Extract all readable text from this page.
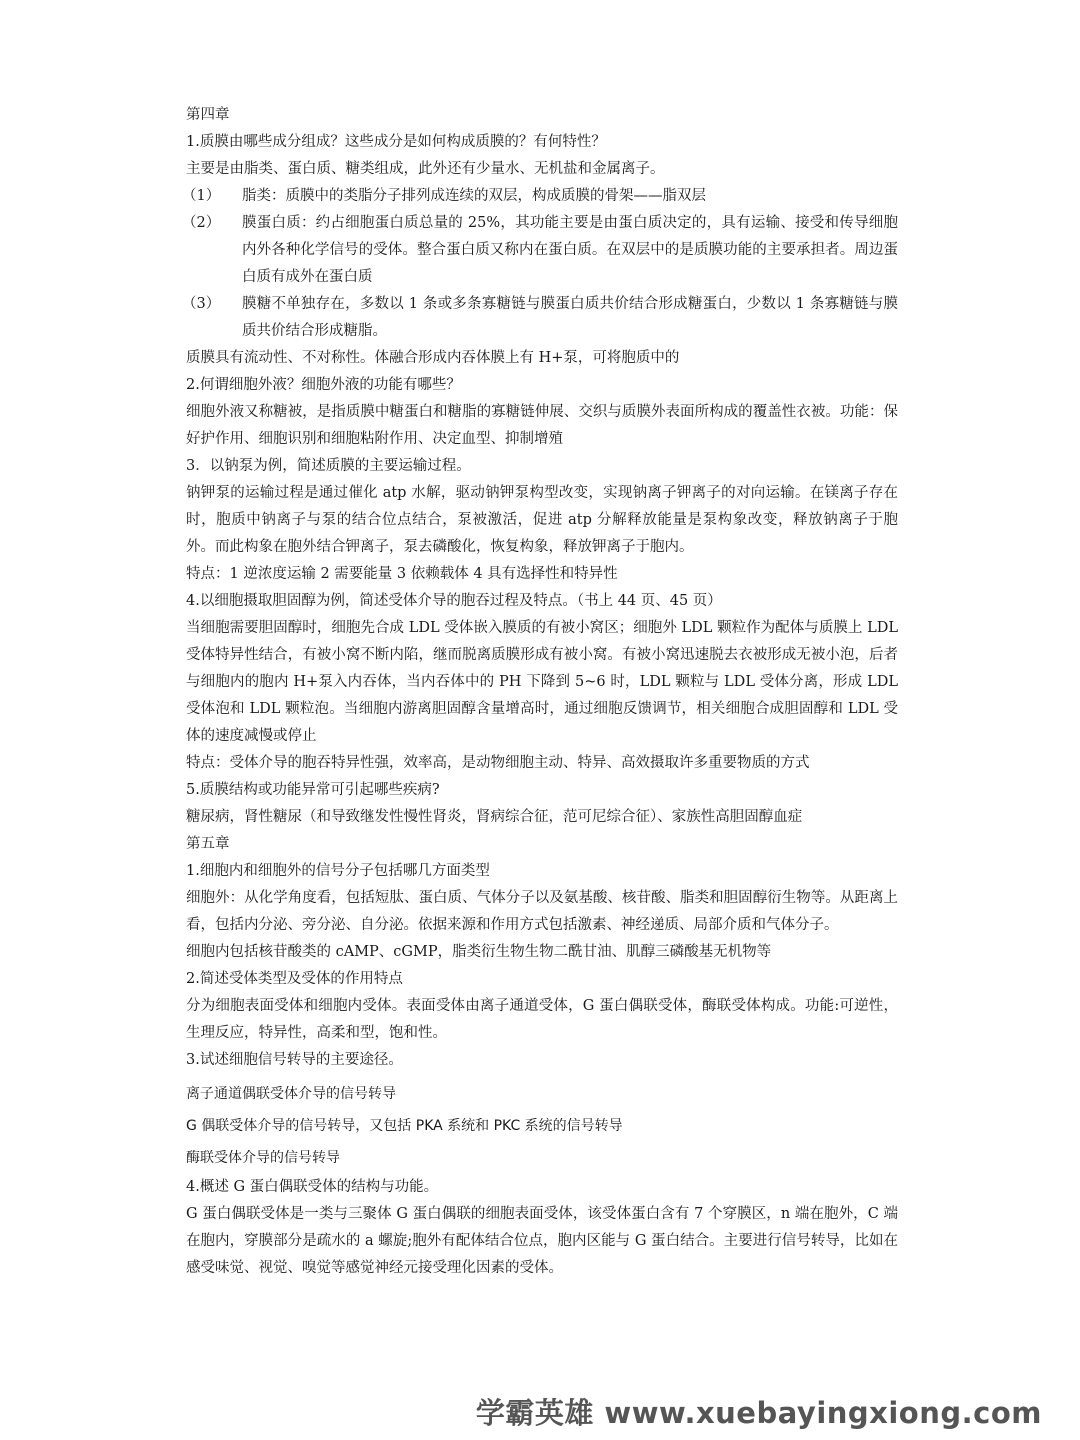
第四章

1.质膜由哪些成分组成？这些成分是如何构成质膜的？有何特性？

主要是由脂类、蛋白质、糖类组成，此外还有少量水、无机盐和金属离子。

（1）	脂类：质膜中的类脂分子排列成连续的双层，构成质膜的骨架——脂双层
（2）	膜蛋白质：约占细胞蛋白质总量的 25%，其功能主要是由蛋白质决定的，具有运输、接受和传导细胞内外各种化学信号的受体。整合蛋白质又称内在蛋白质。在双层中的是质膜功能的主要承担者。周边蛋白质有成外在蛋白质
（3）	膜糖不单独存在，多数以 1 条或多条寡糖链与膜蛋白质共价结合形成糖蛋白，少数以 1 条寡糖链与膜质共价结合形成糖脂。

质膜具有流动性、不对称性。体融合形成内吞体膜上有 H+泵，可将胞质中的

2.何谓细胞外液？细胞外液的功能有哪些？

细胞外液又称糖被，是指质膜中糖蛋白和糖脂的寡糖链伸展、交织与质膜外表面所构成的覆盖性衣被。功能：保好护作用、细胞识别和细胞粘附作用、决定血型、抑制增殖

3．以钠泵为例，简述质膜的主要运输过程。

钠钾泵的运输过程是通过催化 atp 水解，驱动钠钾泵构型改变，实现钠离子钾离子的对向运输。在镁离子存在时，胞质中钠离子与泵的结合位点结合，泵被激活，促进 atp 分解释放能量是泵构象改变，释放钠离子于胞外。而此构象在胞外结合钾离子，泵去磷酸化，恢复构象，释放钾离子于胞内。

特点：1 逆浓度运输 2 需要能量 3 依赖载体 4 具有选择性和特异性

4.以细胞摄取胆固醇为例，简述受体介导的胞吞过程及特点。（书上 44 页、45 页）

当细胞需要胆固醇时，细胞先合成 LDL 受体嵌入膜质的有被小窝区；细胞外 LDL 颗粒作为配体与质膜上 LDL 受体特异性结合，有被小窝不断内陷，继而脱离质膜形成有被小窝。有被小窝迅速脱去衣被形成无被小泡，后者与细胞内的胞内 H+泵入内吞体，当内吞体中的 PH 下降到 5~6 时，LDL 颗粒与 LDL 受体分离，形成 LDL 受体泡和 LDL 颗粒泡。当细胞内游离胆固醇含量增高时，通过细胞反馈调节，相关细胞合成胆固醇和 LDL 受体的速度减慢或停止

特点：受体介导的胞吞特异性强，效率高，是动物细胞主动、特异、高效摄取许多重要物质的方式

5.质膜结构或功能异常可引起哪些疾病?

糖尿病，肾性糖尿（和导致继发性慢性肾炎，肾病综合征，范可尼综合征）、家族性高胆固醇血症

第五章

1.细胞内和细胞外的信号分子包括哪几方面类型

细胞外：从化学角度看，包括短肽、蛋白质、气体分子以及氨基酸、核苷酸、脂类和胆固醇衍生物等。从距离上看，包括内分泌、旁分泌、自分泌。依据来源和作用方式包括激素、神经递质、局部介质和气体分子。

细胞内包括核苷酸类的 cAMP、cGMP，脂类衍生物生物二酰甘油、肌醇三磷酸基无机物等

2.简述受体类型及受体的作用特点

分为细胞表面受体和细胞内受体。表面受体由离子通道受体，G 蛋白偶联受体，酶联受体构成。功能:可逆性，生理反应，特异性，高柔和型，饱和性。

3.试述细胞信号转导的主要途径。

离子通道偶联受体介导的信号转导

G 偶联受体介导的信号转导，又包括 PKA 系统和 PKC 系统的信号转导

酶联受体介导的信号转导

4.概述 G 蛋白偶联受体的结构与功能。

G 蛋白偶联受体是一类与三聚体 G 蛋白偶联的细胞表面受体，该受体蛋白含有 7 个穿膜区，n 端在胞外，C 端在胞内，穿膜部分是疏水的 a 螺旋;胞外有配体结合位点，胞内区能与 G 蛋白结合。主要进行信号转导，比如在感受味觉、视觉、嗅觉等感觉神经元接受理化因素的受体。

学霸英雄 www.xuebayingxiong.com
